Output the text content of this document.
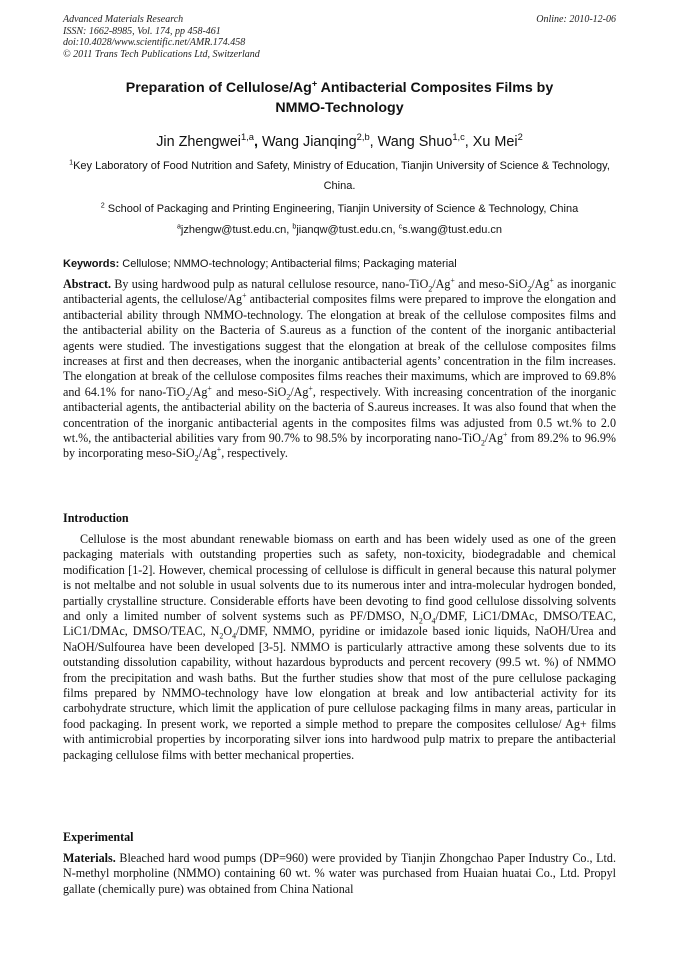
Advanced Materials Research
ISSN: 1662-8985, Vol. 174, pp 458-461
doi:10.4028/www.scientific.net/AMR.174.458
© 2011 Trans Tech Publications Ltd, Switzerland
Online: 2010-12-06
Preparation of Cellulose/Ag+ Antibacterial Composites Films by
NMMO-Technology
Jin Zhengwei$^{1,a}$, Wang Jianqing$^{2,b}$, Wang Shuo$^{1,c}$, Xu Mei$^2$
$^1$Key Laboratory of Food Nutrition and Safety, Ministry of Education, Tianjin University of Science & Technology, China.
$^2$ School of Packaging and Printing Engineering, Tianjin University of Science & Technology, China
$^a$jzhengw@tust.edu.cn, $^b$jianqw@tust.edu.cn, $^c$s.wang@tust.edu.cn
Keywords: Cellulose; NMMO-technology; Antibacterial films; Packaging material

Abstract. By using hardwood pulp as natural cellulose resource, nano-TiO$_2$/Ag+ and meso-SiO$_2$/Ag+ as inorganic antibacterial agents, the cellulose/Ag+ antibacterial composites films were prepared to improve the elongation and antibacterial ability through NMMO-technology. The elongation at break of the cellulose composites films and the antibacterial ability on the Bacteria of S.aureus as a function of the content of the inorganic antibacterial agents were studied. The investigations suggest that the elongation at break of the cellulose composites films increases at first and then decreases, when the inorganic antibacterial agents’ concentration in the film increases. The elongation at break of the cellulose composites films reaches their maximums, which are improved to 69.8% and 64.1% for nano-TiO$_2$/Ag+ and meso-SiO$_2$/Ag+, respectively. With increasing concentration of the inorganic antibacterial agents, the antibacterial ability on the bacteria of S.aureus increases. It was also found that when the concentration of the inorganic antibacterial agents in the composites films was adjusted from 0.5 wt.% to 2.0 wt.%, the antibacterial abilities vary from 90.7% to 98.5% by incorporating nano-TiO$_2$/Ag+ from 89.2% to 96.9% by incorporating meso-SiO$_2$/Ag+, respectively.

Introduction

Cellulose is the most abundant renewable biomass on earth and has been widely used as one of the green packaging materials with outstanding properties such as safety, non-toxicity, biodegradable and chemical modification [1-2]. However, chemical processing of cellulose is difficult in general because this natural polymer is not meltalbe and not soluble in usual solvents due to its numerous inter and intra-molecular hydrogen bonded, partially crystalline structure. Considerable efforts have been devoting to find good cellulose dissolving solvents and only a limited number of solvent systems such as PF/DMSO, $N_2O_4$/DMF, LiC1/DMAc, DMSO/TEAC, LiC1/DMAc, DMSO/TEAC, $N_2O_4$/DMF, NMMO, pyridine or imidazole based ionic liquids, NaOH/Urea and NaOH/Sulfourea have been developed [3-5]. NMMO is particularly attractive among these solvents due to its outstanding dissolution capability, without hazardous byproducts and percent recovery (99.5 wt. %) of NMMO from the precipitation and wash baths. But the further studies show that most of the pure cellulose packaging films prepared by NMMO-technology have low elongation at break and low antibacterial activity for its carbohydrate structure, which limit the application of pure cellulose packaging films in many areas, particular in food packaging. In present work, we reported a simple method to prepare the composites cellulose/ Ag+ films with antimicrobial properties by incorporating silver ions into hardwood pulp matrix to prepare the antibacterial packaging cellulose films with better mechanical properties.

Experimental

Materials. Bleached hard wood pumps (DP=960) were provided by Tianjin Zhongchao Paper Industry Co., Ltd. N-methyl morpholine (NMMO) containing 60 wt. % water was purchased from Huaian huatai Co., Ltd. Propyl gallate (chemically pure) was obtained from China National
